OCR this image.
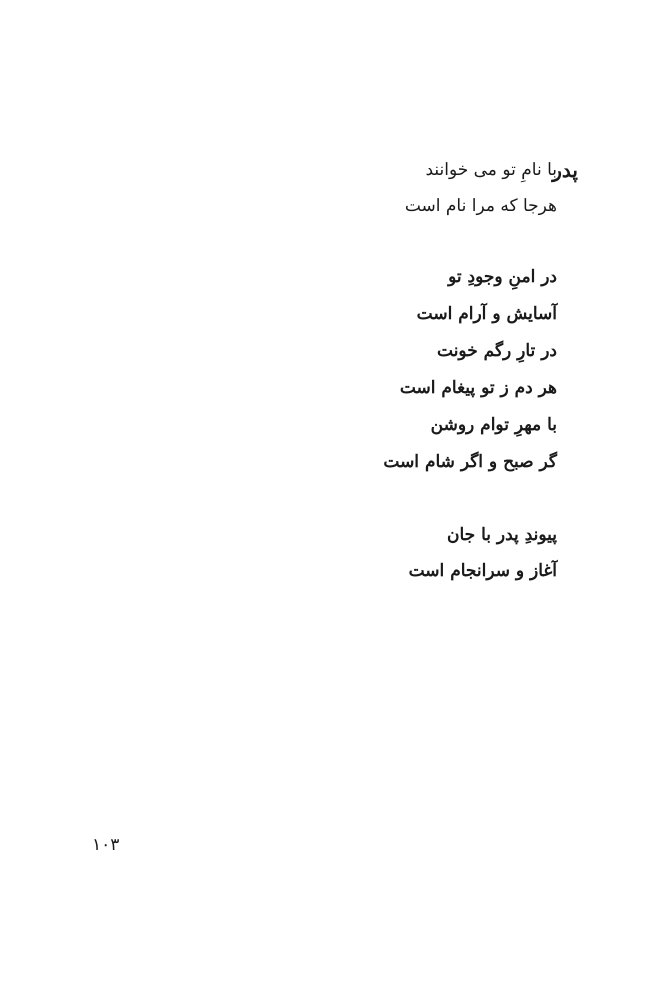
پدر
با نامِ تو می خوانند
هرجا که مرا نام است
در امنِ وجودِ تو
آسایش و آرام است
در تارِ رگم خونت
هر دم ز تو پیغام است
با مهرِ توام روشن
گر صبح و اگر شام است
پیوندِ پدر با جان
آغاز و سرانجام است
۱۰۳
